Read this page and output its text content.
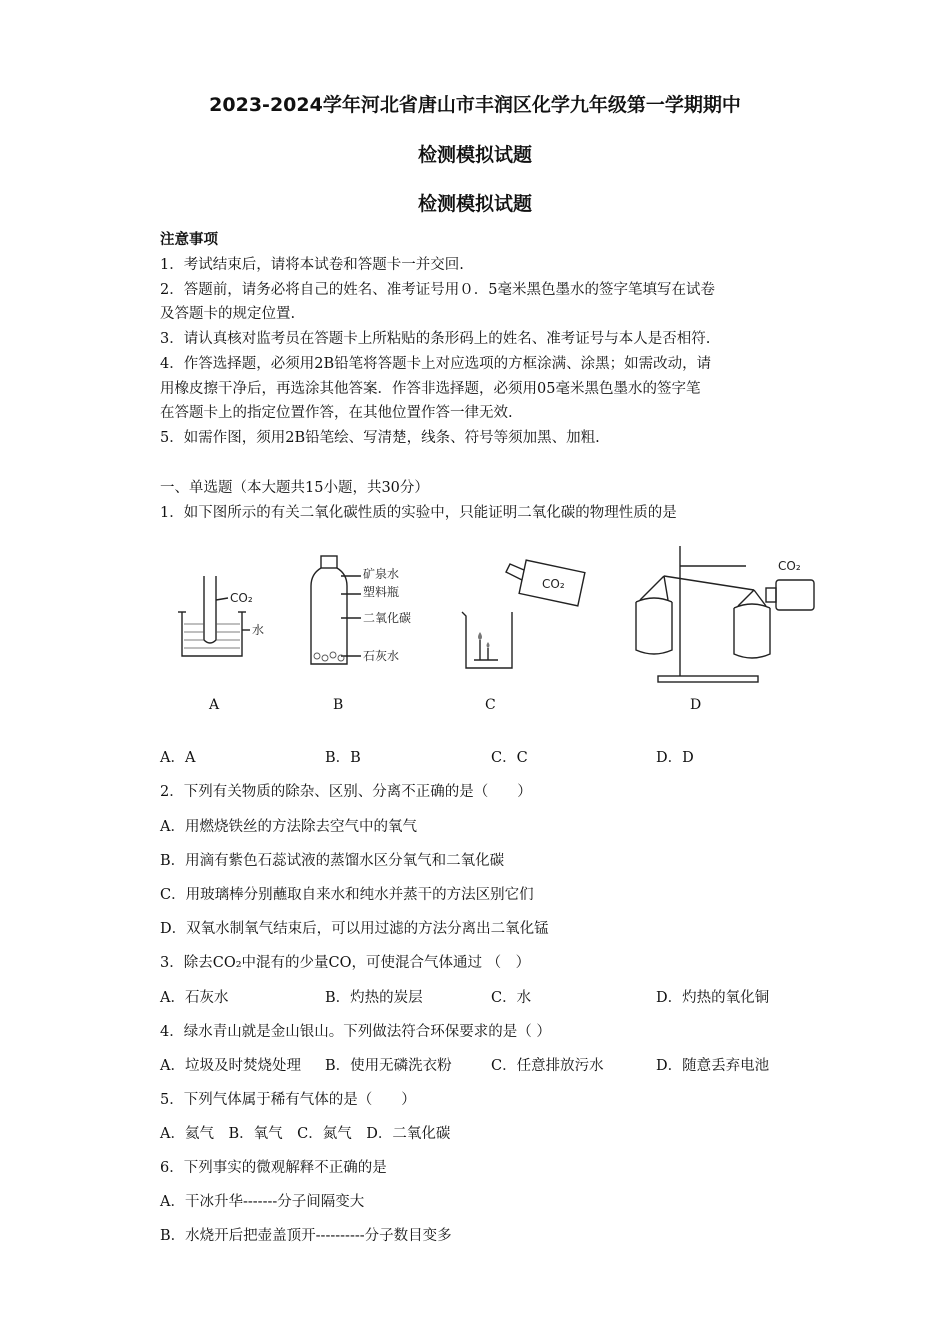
2023-2024学年河北省唐山市丰润区化学九年级第一学期期中
检测模拟试题
检测模拟试题
注意事项
1．考试结束后，请将本试卷和答题卡一并交回.
2．答题前，请务必将自己的姓名、准考证号用０．5毫米黑色墨水的签字笔填写在试卷
及答题卡的规定位置.
3．请认真核对监考员在答题卡上所粘贴的条形码上的姓名、准考证号与本人是否相符.
4．作答选择题，必须用2B铅笔将答题卡上对应选项的方框涂满、涂黑；如需改动，请
用橡皮擦干净后，再选涂其他答案．作答非选择题，必须用05毫米黑色墨水的签字笔
在答题卡上的指定位置作答，在其他位置作答一律无效.
5．如需作图，须用2B铅笔绘、写清楚，线条、符号等须加黑、加粗.
一、单选题（本大题共15小题，共30分）
1．如下图所示的有关二氧化碳性质的实验中，只能证明二氧化碳的物理性质的是
CO₂
水
矿泉水
塑料瓶
二氧化碳
石灰水
CO₂
CO₂
A	B	C	D
A．A	B．B	C．C	D．D
2．下列有关物质的除杂、区别、分离不正确的是（　　）
A．用燃烧铁丝的方法除去空气中的氧气
B．用滴有紫色石蕊试液的蒸馏水区分氧气和二氧化碳
C．用玻璃棒分别蘸取自来水和纯水并蒸干的方法区别它们
D．双氧水制氧气结束后，可以用过滤的方法分离出二氧化锰
3．除去CO₂中混有的少量CO，可使混合气体通过 （　）
A．石灰水	B．灼热的炭层	C．水	D．灼热的氧化铜
4．绿水青山就是金山银山。下列做法符合环保要求的是（ ）
A．垃圾及时焚烧处理 B．使用无磷洗衣粉	C．任意排放污水	D．随意丢弃电池
5．下列气体属于稀有气体的是（　　）
A．氦气　B．氧气　C．氮气　D．二氧化碳
6．下列事实的微观解释不正确的是
A．干冰升华-------分子间隔变大
B．水烧开后把壶盖顶开----------分子数目变多
